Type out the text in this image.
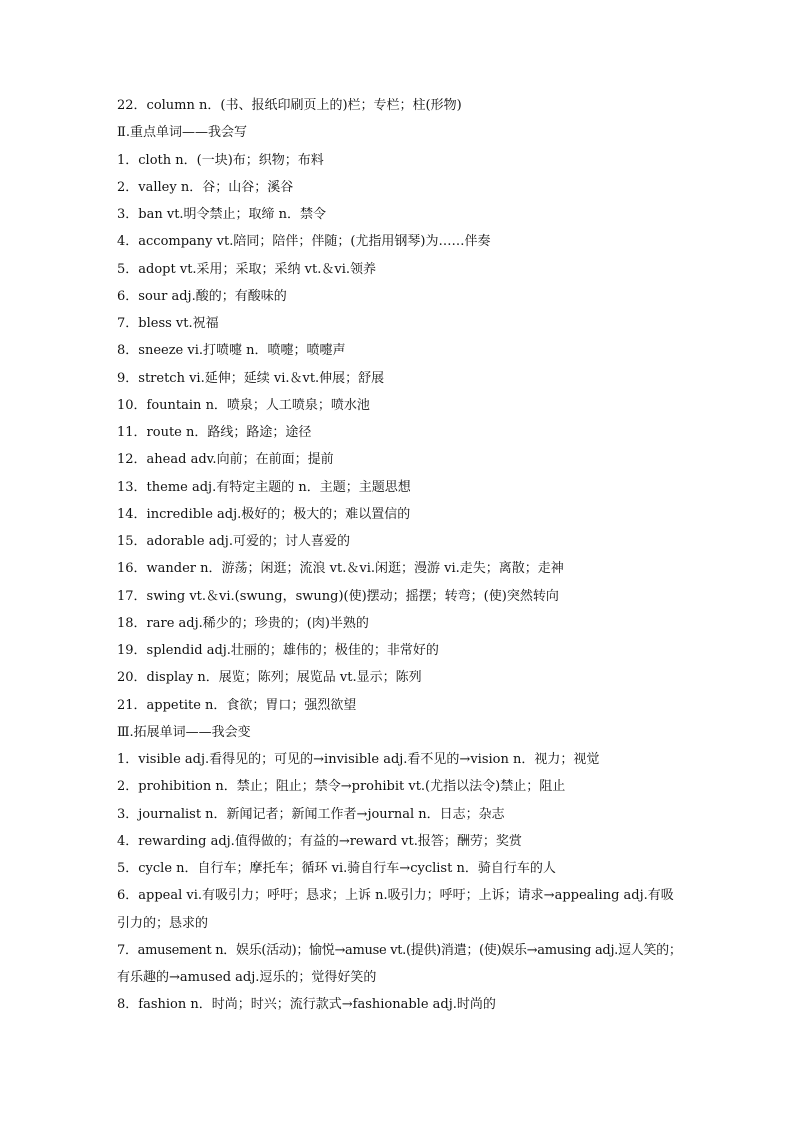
22．column n．(书、报纸印刷页上的)栏；专栏；柱(形物)
Ⅱ.重点单词——我会写
1．cloth n．(一块)布；织物；布料
2．valley n．谷；山谷；溪谷
3．ban vt.明令禁止；取缔 n．禁令
4．accompany vt.陪同；陪伴；伴随；(尤指用钢琴)为……伴奏
5．adopt vt.采用；采取；采纳 vt.＆vi.领养
6．sour adj.酸的；有酸味的
7．bless vt.祝福
8．sneeze vi.打喷嚏 n．喷嚏；喷嚏声
9．stretch vi.延伸；延续 vi.＆vt.伸展；舒展
10．fountain n．喷泉；人工喷泉；喷水池
11．route n．路线；路途；途径
12．ahead adv.向前；在前面；提前
13．theme adj.有特定主题的 n．主题；主题思想
14．incredible adj.极好的；极大的；难以置信的
15．adorable adj.可爱的；讨人喜爱的
16．wander n．游荡；闲逛；流浪 vt.＆vi.闲逛；漫游 vi.走失；离散；走神
17．swing vt.＆vi.(swung，swung)(使)摆动；摇摆；转弯；(使)突然转向
18．rare adj.稀少的；珍贵的；(肉)半熟的
19．splendid adj.壮丽的；雄伟的；极佳的；非常好的
20．display n．展览；陈列；展览品 vt.显示；陈列
21．appetite n．食欲；胃口；强烈欲望
Ⅲ.拓展单词——我会变
1．visible adj.看得见的；可见的→invisible adj.看不见的→vision n．视力；视觉
2．prohibition n．禁止；阻止；禁令→prohibit vt.(尤指以法令)禁止；阻止
3．journalist n．新闻记者；新闻工作者→journal n．日志；杂志
4．rewarding adj.值得做的；有益的→reward vt.报答；酬劳；奖赏
5．cycle n．自行车；摩托车；循环 vi.骑自行车→cyclist n．骑自行车的人
6．appeal vi.有吸引力；呼吁；恳求；上诉 n.吸引力；呼吁；上诉；请求→appealing adj.有吸
引力的；恳求的
7．amusement n．娱乐(活动)；愉悦→amuse vt.(提供)消遣；(使)娱乐→amusing adj.逗人笑的；
有乐趣的→amused adj.逗乐的；觉得好笑的
8．fashion n．时尚；时兴；流行款式→fashionable adj.时尚的
